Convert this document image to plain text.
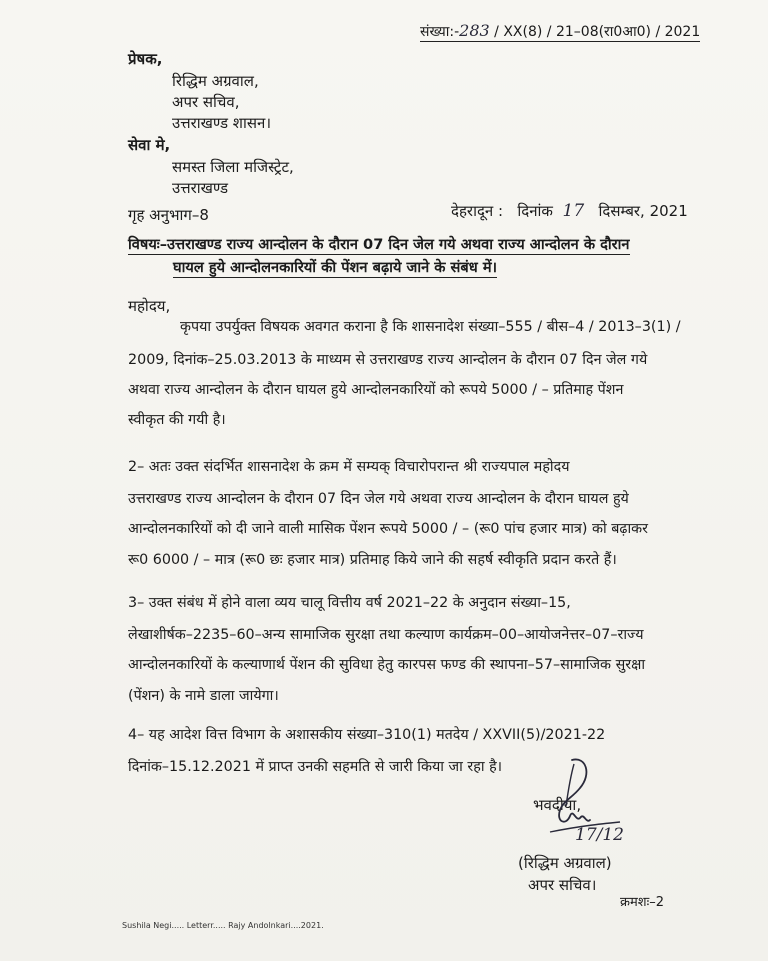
संख्या:-283 / XX(8) / 21–08(रा0आ0) / 2021
प्रेषक,
रिद्धिम अग्रवाल,
अपर सचिव,
उत्तराखण्ड शासन।
सेवा मे,
समस्त जिला मजिस्ट्रेट,
उत्तराखण्ड
गृह अनुभाग–8	देहरादून : दिनांक 17 दिसम्बर, 2021
विषयः–उत्तराखण्ड राज्य आन्दोलन के दौरान 07 दिन जेल गये अथवा राज्य आन्दोलन के दौरान
घायल हुये आन्दोलनकारियों की पेंशन बढ़ाये जाने के संबंध में।
महोदय,
कृपया उपर्युक्त विषयक अवगत कराना है कि शासनादेश संख्या–555 / बीस–4 / 2013–3(1) /
2009, दिनांक–25.03.2013 के माध्यम से उत्तराखण्ड राज्य आन्दोलन के दौरान 07 दिन जेल गये
अथवा राज्य आन्दोलन के दौरान घायल हुये आन्दोलनकारियों को रूपये 5000 / – प्रतिमाह पेंशन
स्वीकृत की गयी है।
2– अतः उक्त संदर्भित शासनादेश के क्रम में सम्यक् विचारोपरान्त श्री राज्यपाल महोदय
उत्तराखण्ड राज्य आन्दोलन के दौरान 07 दिन जेल गये अथवा राज्य आन्दोलन के दौरान घायल हुये
आन्दोलनकारियों को दी जाने वाली मासिक पेंशन रूपये 5000 / – (रू0 पांच हजार मात्र) को बढ़ाकर
रू0 6000 / – मात्र (रू0 छः हजार मात्र) प्रतिमाह किये जाने की सहर्ष स्वीकृति प्रदान करते हैं।
3– उक्त संबंध में होने वाला व्यय चालू वित्तीय वर्ष 2021–22 के अनुदान संख्या–15,
लेखाशीर्षक–2235–60–अन्य सामाजिक सुरक्षा तथा कल्याण कार्यक्रम–00–आयोजनेत्तर–07–राज्य
आन्दोलनकारियों के कल्याणार्थ पेंशन की सुविधा हेतु कारपस फण्ड की स्थापना–57–सामाजिक सुरक्षा
(पेंशन) के नामे डाला जायेगा।
4– यह आदेश वित्त विभाग के अशासकीय संख्या–310(1) मतदेय / XXVII(5)/2021-22
दिनांक–15.12.2021 में प्राप्त उनकी सहमति से जारी किया जा रहा है।
भवदीया,
17/12
(रिद्धिम अग्रवाल)
अपर सचिव।
क्रमशः–2
Sushila Negi..... Letterr..... Rajy Andolnkari....2021.
